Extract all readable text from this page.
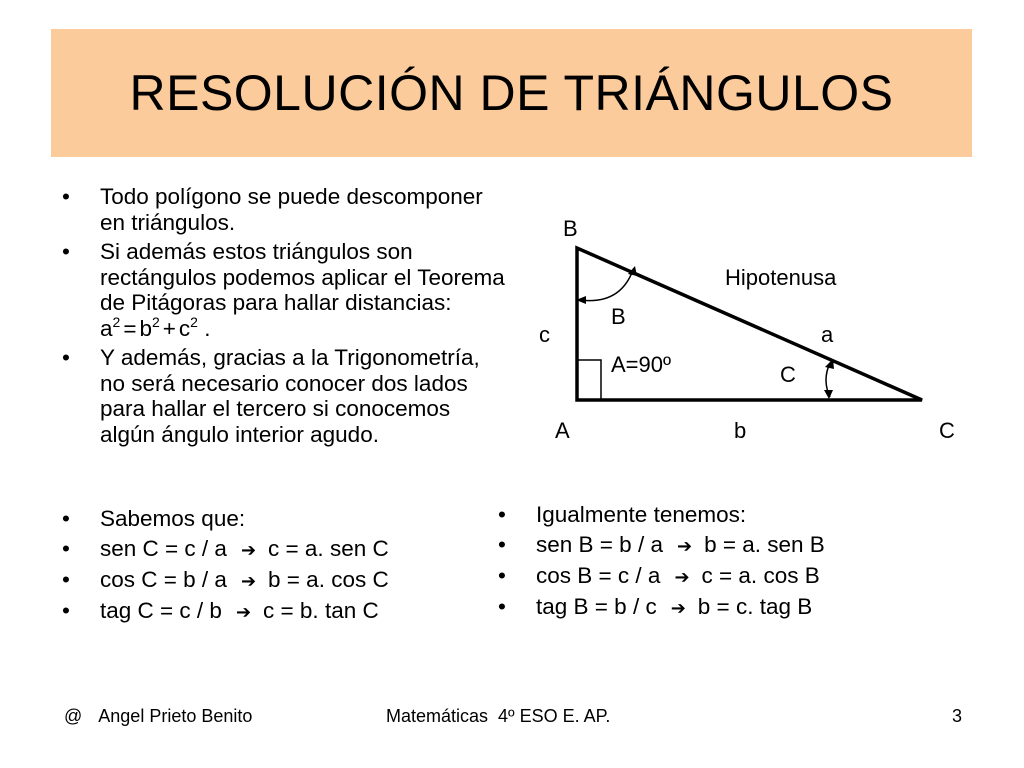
RESOLUCIÓN DE TRIÁNGULOS
• Todo polígono se puede descomponer en triángulos.
• Si además estos triángulos son rectángulos podemos aplicar el Teorema de Pitágoras para hallar distancias: $a^2 = b^2 + c^2$ .
• Y además, gracias a la Trigonometría, no será necesario conocer dos lados para hallar el tercero si conocemos algún ángulo interior agudo.
B
A	C
B
C
A=90º
Hipotenusa
a
b
c
• Sabemos que:
• sen C = c / a ➔ c = a. sen C
• cos C = b / a ➔ b = a. cos C
• tag C = c / b ➔ c = b. tan C
• Igualmente tenemos:
• sen B = b / a ➔ b = a. sen B
• cos B = c / a ➔ c = a. cos B
• tag B = b / c ➔ b = c. tag B
@ Angel Prieto Benito	Matemáticas  4º ESO E. AP.	3
